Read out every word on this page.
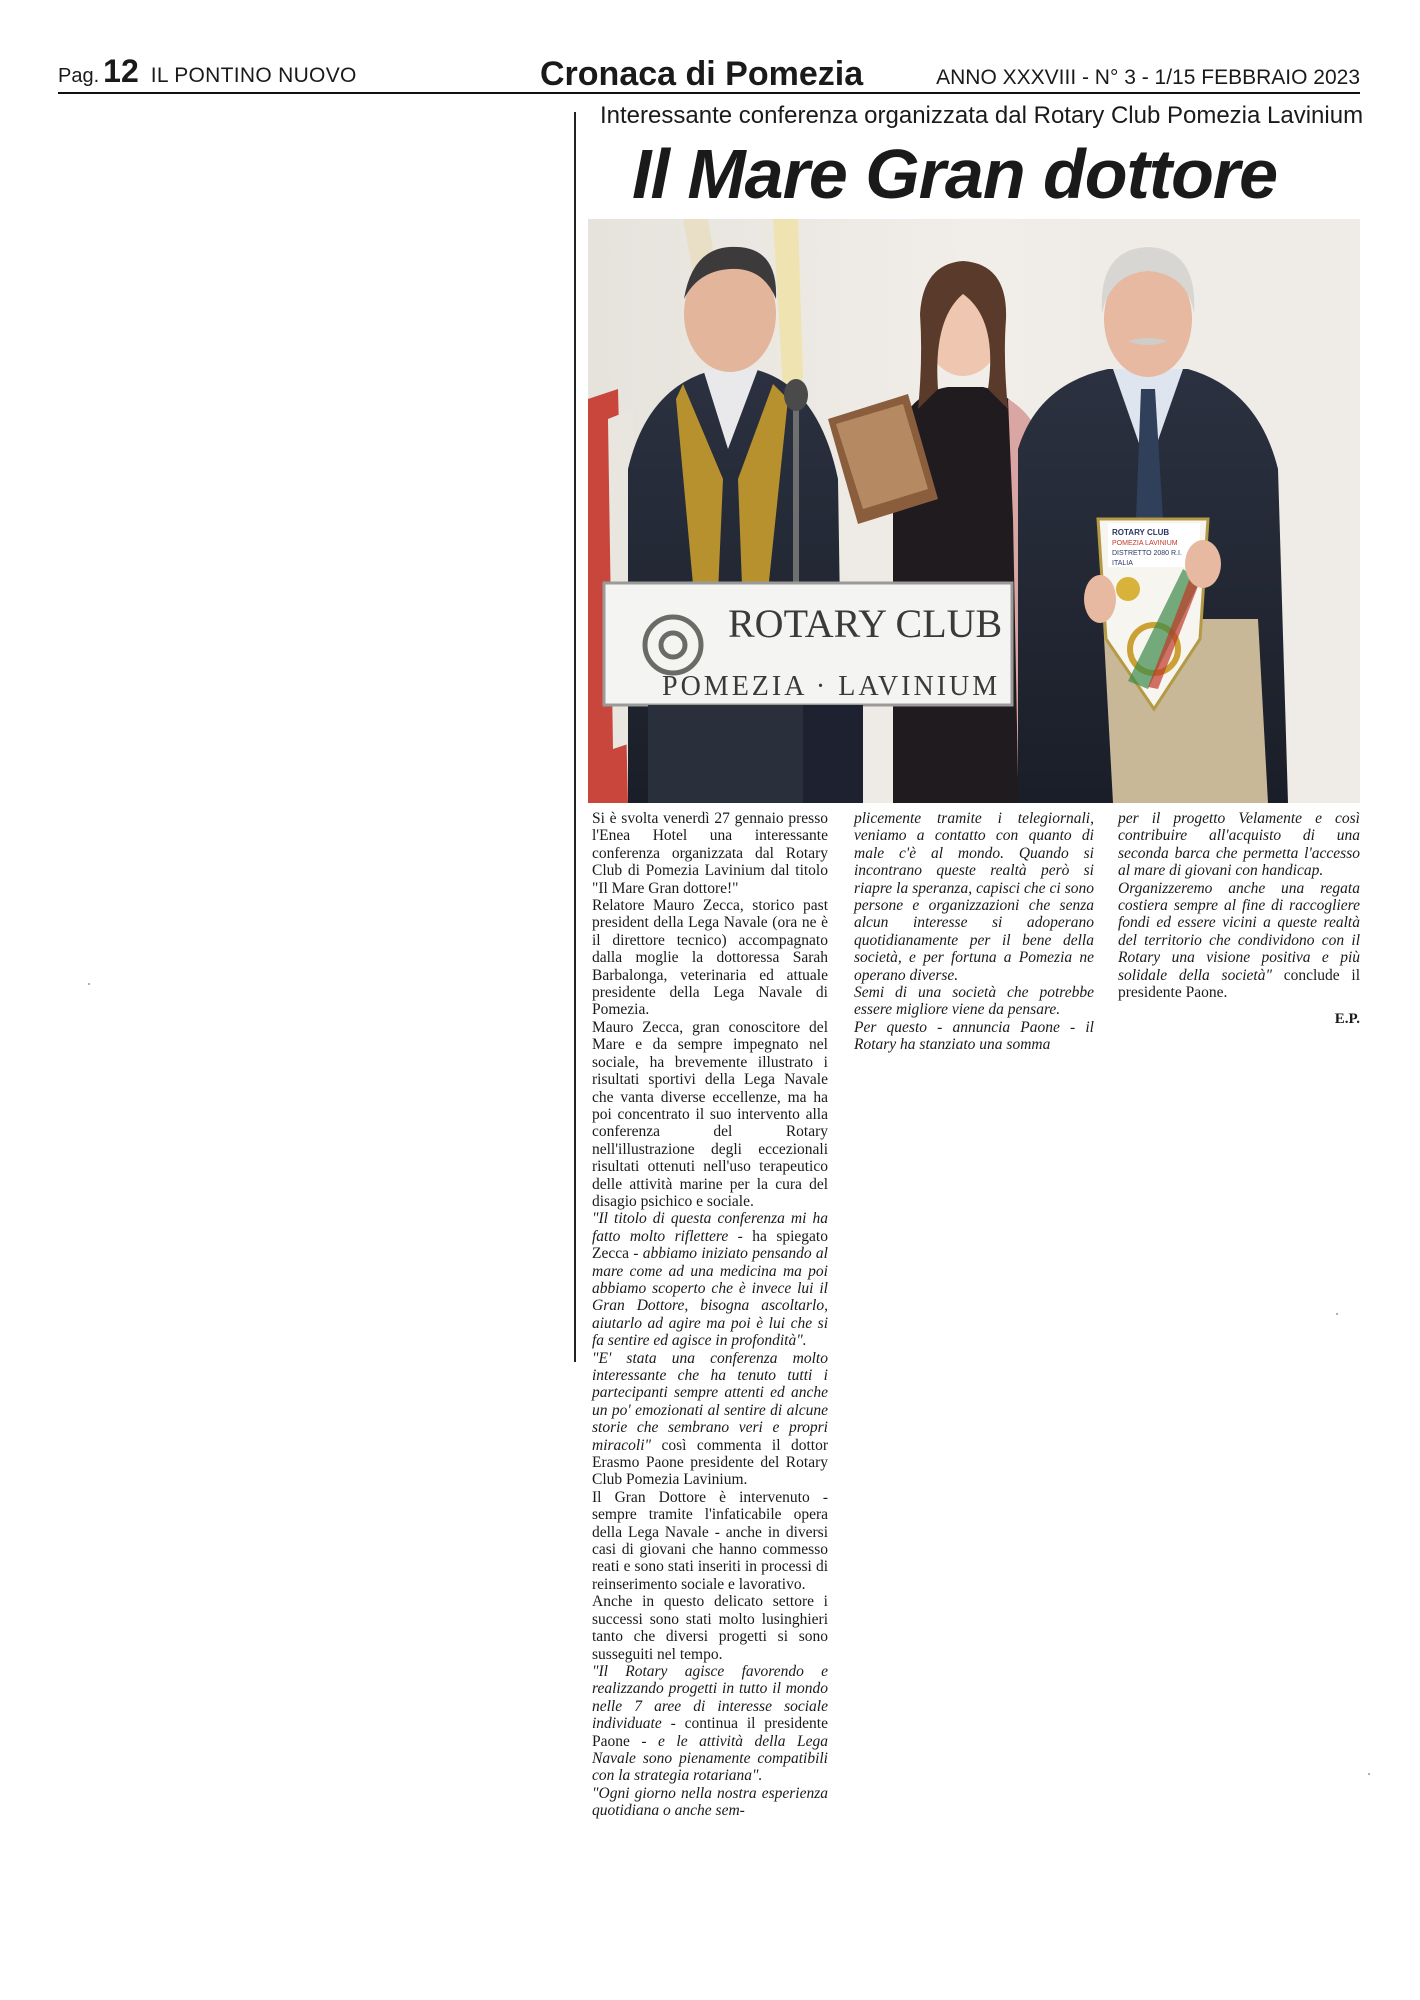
Pag. 12 IL PONTINO NUOVO	Cronaca di Pomezia	ANNO XXXVIII - N° 3 - 1/15 FEBBRAIO 2023
Interessante conferenza organizzata dal Rotary Club Pomezia Lavinium
Il Mare Gran dottore
ROTARY CLUB
POMEZIA · LAVINIUM
ROTARY CLUB
POMEZIA LAVINIUM
DISTRETTO 2080 R.I.
ITALIA

Si è svolta venerdì 27 gennaio presso l'Enea Hotel una interessante conferenza organizzata dal Rotary Club di Pomezia Lavinium dal titolo "Il Mare Gran dottore!"

Relatore Mauro Zecca, storico past president della Lega Navale (ora ne è il direttore tecnico) accompagnato dalla moglie la dottoressa Sarah Barbalonga, veterinaria ed attuale presidente della Lega Navale di Pomezia.

Mauro Zecca, gran conoscitore del Mare e da sempre impegnato nel sociale, ha brevemente illustrato i risultati sportivi della Lega Navale che vanta diverse eccellenze, ma ha poi concentrato il suo intervento alla conferenza del Rotary nell'illustrazione degli eccezionali risultati ottenuti nell'uso terapeutico delle attività marine per la cura del disagio psichico e sociale.

"Il titolo di questa conferenza mi ha fatto molto riflettere - ha spiegato Zecca - abbiamo iniziato pensando al mare come ad una medicina ma poi abbiamo scoperto che è invece lui il Gran Dottore, bisogna ascoltarlo, aiutarlo ad agire ma poi è lui che si fa sentire ed agisce in profondità".

"E' stata una conferenza molto interessante che ha tenuto tutti i partecipanti sempre attenti ed anche un po' emozionati al sentire di alcune storie che sembrano veri e propri miracoli" così commenta il dottor Erasmo Paone presidente del Rotary Club Pomezia Lavinium.

Il Gran Dottore è intervenuto - sempre tramite l'infaticabile opera della Lega Navale - anche in diversi casi di giovani che hanno commesso reati e sono stati inseriti in processi di reinserimento sociale e lavorativo.

Anche in questo delicato settore i successi sono stati molto lusinghieri tanto che diversi progetti si sono susseguiti nel tempo.

"Il Rotary agisce favorendo e realizzando progetti in tutto il mondo nelle 7 aree di interesse sociale individuate - continua il presidente Paone - e le attività della Lega Navale sono pienamente compatibili con la strategia rotariana".

"Ogni giorno nella nostra esperienza quotidiana o anche sem-

plicemente tramite i telegiornali, veniamo a contatto con quanto di male c'è al mondo. Quando si incontrano queste realtà però si riapre la speranza, capisci che ci sono persone e organizzazioni che senza alcun interesse si adoperano quotidianamente per il bene della società, e per fortuna a Pomezia ne operano diverse.

Semi di una società che potrebbe essere migliore viene da pensare.

Per questo - annuncia Paone - il Rotary ha stanziato una somma

per il progetto Velamente e così contribuire all'acquisto di una seconda barca che permetta l'accesso al mare di giovani con handicap.

Organizzeremo anche una regata costiera sempre al fine di raccogliere fondi ed essere vicini a queste realtà del territorio che condividono con il Rotary una visione positiva e più solidale della società" conclude il presidente Paone.

E.P.
